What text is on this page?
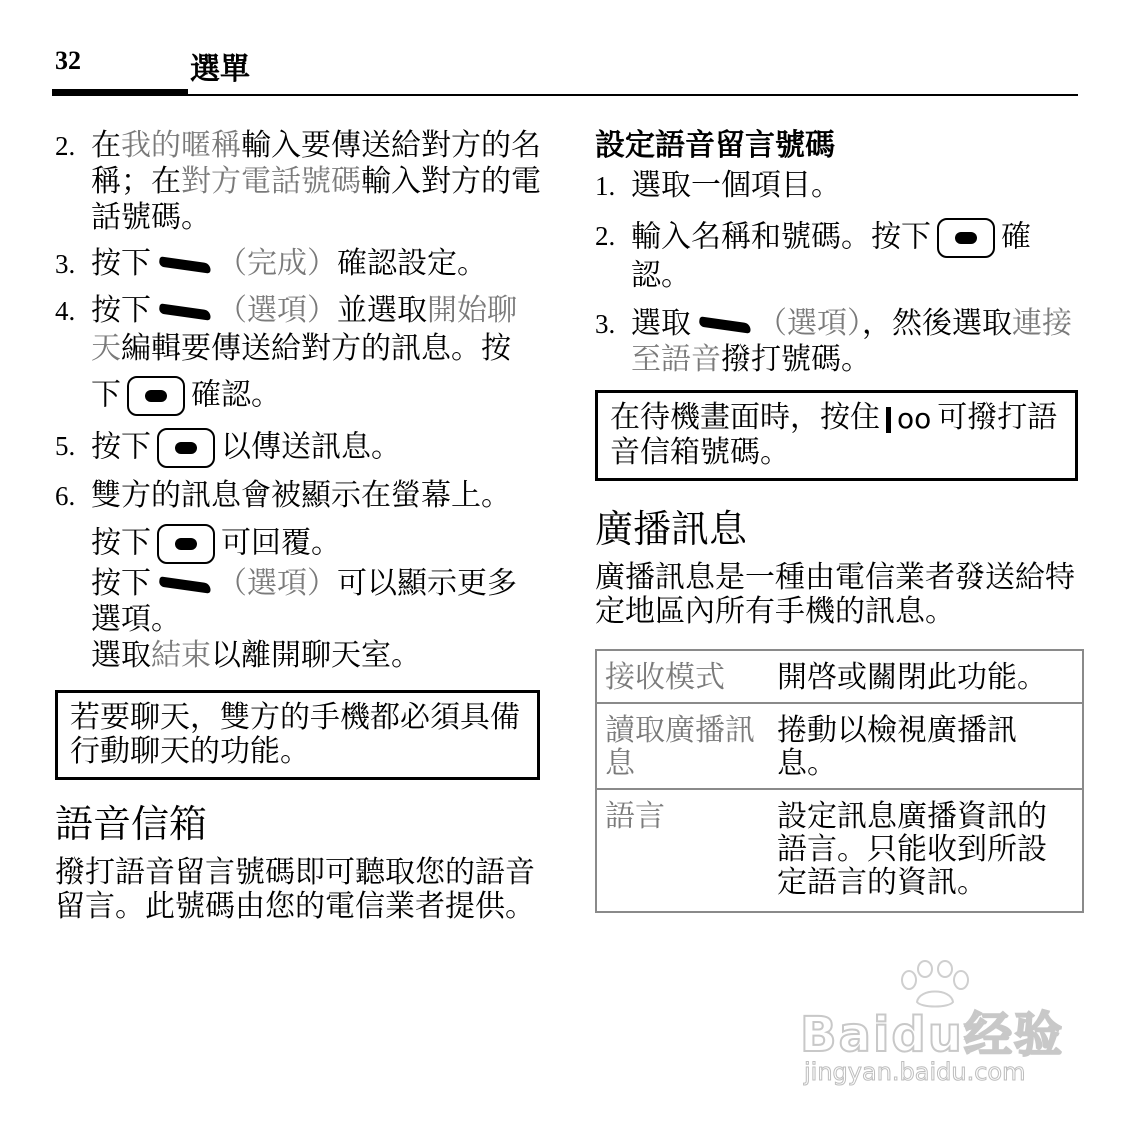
32	選單
2. 在我的暱稱輸入要傳送給對方的名稱；在對方電話號碼輸入對方的電話號碼。
3. 按下 （完成）確認設定。
4. 按下 （選項）並選取開始聊天編輯要傳送給對方的訊息。按
下 確認。
5. 按下 以傳送訊息。
6. 雙方的訊息會被顯示在螢幕上。
按下 可回覆。
按下 （選項）可以顯示更多選項。
選取結束以離開聊天室。
若要聊天，雙方的手機都必須具備行動聊天的功能。
語音信箱
撥打語音留言號碼即可聽取您的語音留言。此號碼由您的電信業者提供。
設定語音留言號碼
1. 選取一個項目。
2. 輸入名稱和號碼。按下 確認。
3. 選取 （選項），然後選取連接至語音撥打號碼。
在待機畫面時，按住 oo 可撥打語音信箱號碼。
廣播訊息
廣播訊息是一種由電信業者發送給特定地區內所有手機的訊息。
接收模式	開啓或關閉此功能。
讀取廣播訊息	捲動以檢視廣播訊息。
語言	設定訊息廣播資訊的語言。只能收到所設定語言的資訊。
Baidu经验
jingyan.baidu.com
